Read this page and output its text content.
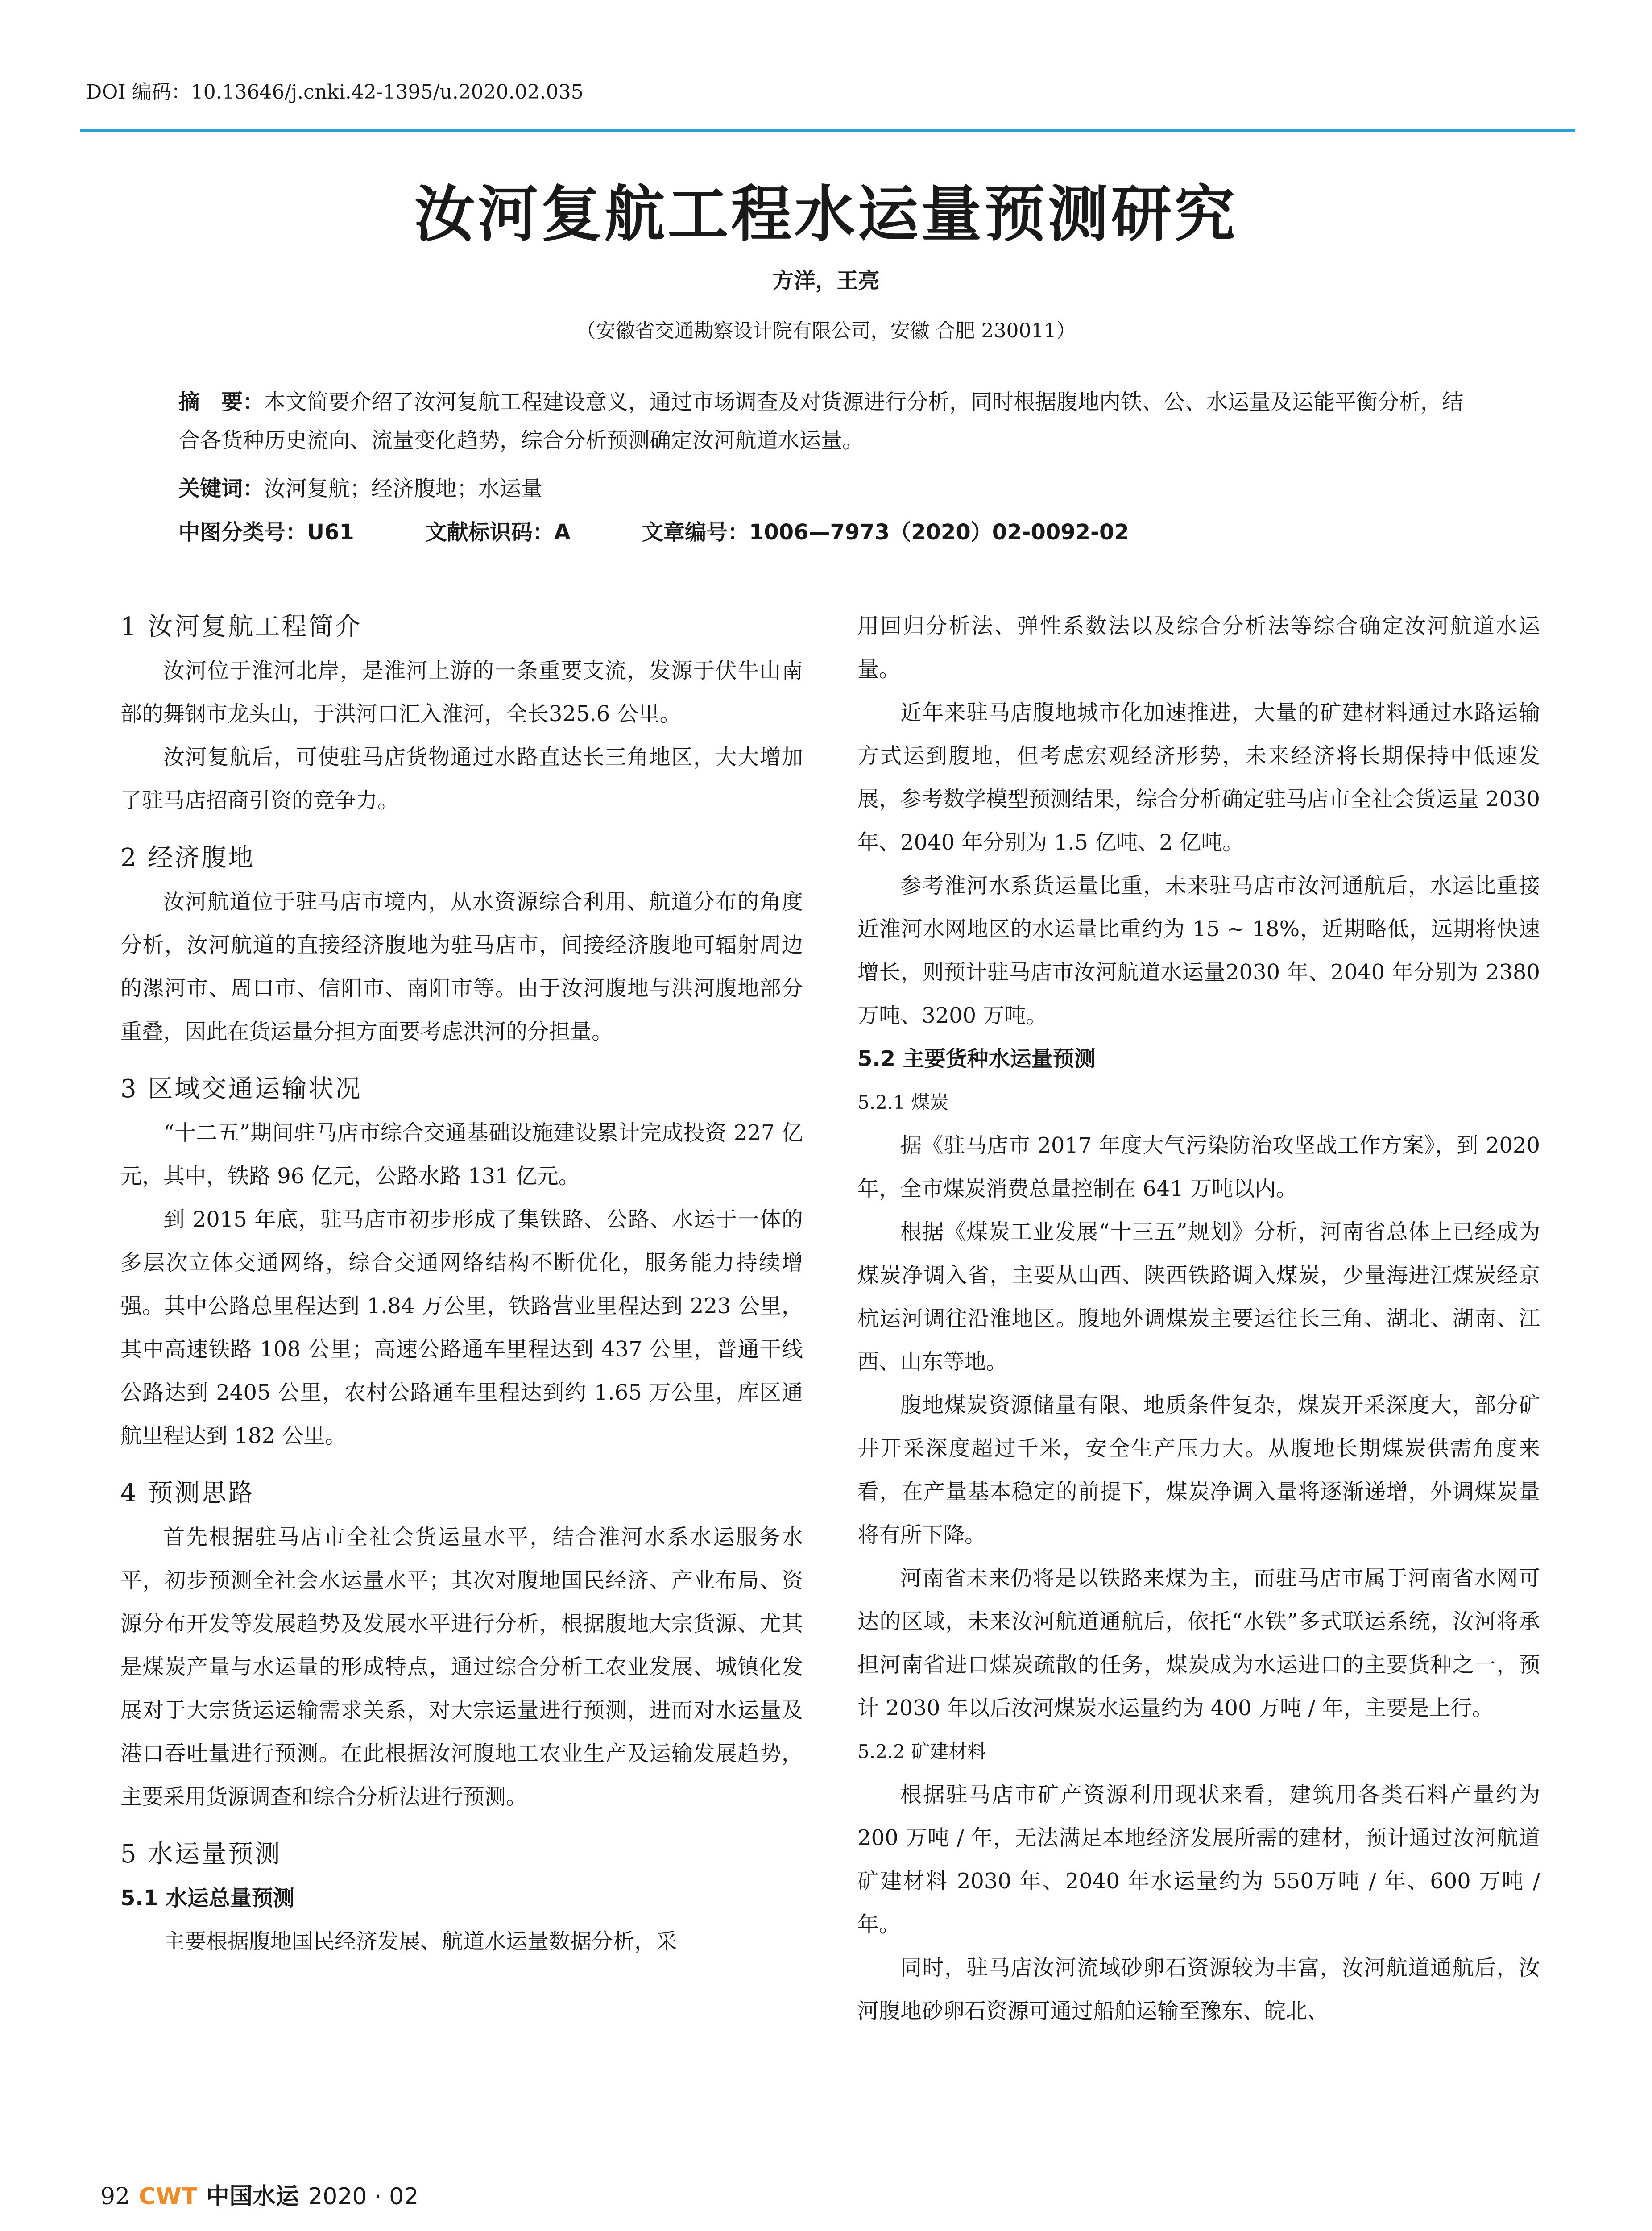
DOI 编码：10.13646/j.cnki.42-1395/u.2020.02.035
汝河复航工程水运量预测研究
方洋，王亮
（安徽省交通勘察设计院有限公司，安徽 合肥 230011）
摘　要：本文简要介绍了汝河复航工程建设意义，通过市场调查及对货源进行分析，同时根据腹地内铁、公、水运量及运能平衡分析，结合各货种历史流向、流量变化趋势，综合分析预测确定汝河航道水运量。
关键词：汝河复航；经济腹地；水运量
中图分类号：U61	文献标识码：A	文章编号：1006—7973（2020）02-0092-02
1 汝河复航工程简介

汝河位于淮河北岸，是淮河上游的一条重要支流，发源于伏牛山南部的舞钢市龙头山，于洪河口汇入淮河，全长325.6 公里。

汝河复航后，可使驻马店货物通过水路直达长三角地区，大大增加了驻马店招商引资的竞争力。

2 经济腹地

汝河航道位于驻马店市境内，从水资源综合利用、航道分布的角度分析，汝河航道的直接经济腹地为驻马店市，间接经济腹地可辐射周边的漯河市、周口市、信阳市、南阳市等。由于汝河腹地与洪河腹地部分重叠，因此在货运量分担方面要考虑洪河的分担量。

3 区域交通运输状况

“十二五”期间驻马店市综合交通基础设施建设累计完成投资 227 亿元，其中，铁路 96 亿元，公路水路 131 亿元。

到 2015 年底，驻马店市初步形成了集铁路、公路、水运于一体的多层次立体交通网络，综合交通网络结构不断优化，服务能力持续增强。其中公路总里程达到 1.84 万公里，铁路营业里程达到 223 公里，其中高速铁路 108 公里；高速公路通车里程达到 437 公里，普通干线公路达到 2405 公里，农村公路通车里程达到约 1.65 万公里，库区通航里程达到 182 公里。

4 预测思路

首先根据驻马店市全社会货运量水平，结合淮河水系水运服务水平，初步预测全社会水运量水平；其次对腹地国民经济、产业布局、资源分布开发等发展趋势及发展水平进行分析，根据腹地大宗货源、尤其是煤炭产量与水运量的形成特点，通过综合分析工农业发展、城镇化发展对于大宗货运运输需求关系，对大宗运量进行预测，进而对水运量及港口吞吐量进行预测。在此根据汝河腹地工农业生产及运输发展趋势，主要采用货源调查和综合分析法进行预测。

5 水运量预测
5.1 水运总量预测

主要根据腹地国民经济发展、航道水运量数据分析，采

用回归分析法、弹性系数法以及综合分析法等综合确定汝河航道水运量。

近年来驻马店腹地城市化加速推进，大量的矿建材料通过水路运输方式运到腹地，但考虑宏观经济形势，未来经济将长期保持中低速发展，参考数学模型预测结果，综合分析确定驻马店市全社会货运量 2030 年、2040 年分别为 1.5 亿吨、2 亿吨。

参考淮河水系货运量比重，未来驻马店市汝河通航后，水运比重接近淮河水网地区的水运量比重约为 15 ~ 18%，近期略低，远期将快速增长，则预计驻马店市汝河航道水运量2030 年、2040 年分别为 2380 万吨、3200 万吨。

5.2 主要货种水运量预测
5.2.1 煤炭

据《驻马店市 2017 年度大气污染防治攻坚战工作方案》，到 2020 年，全市煤炭消费总量控制在 641 万吨以内。

根据《煤炭工业发展“十三五”规划》分析，河南省总体上已经成为煤炭净调入省，主要从山西、陕西铁路调入煤炭，少量海进江煤炭经京杭运河调往沿淮地区。腹地外调煤炭主要运往长三角、湖北、湖南、江西、山东等地。

腹地煤炭资源储量有限、地质条件复杂，煤炭开采深度大，部分矿井开采深度超过千米，安全生产压力大。从腹地长期煤炭供需角度来看，在产量基本稳定的前提下，煤炭净调入量将逐渐递增，外调煤炭量将有所下降。

河南省未来仍将是以铁路来煤为主，而驻马店市属于河南省水网可达的区域，未来汝河航道通航后，依托“水铁”多式联运系统，汝河将承担河南省进口煤炭疏散的任务，煤炭成为水运进口的主要货种之一，预计 2030 年以后汝河煤炭水运量约为 400 万吨 / 年，主要是上行。

5.2.2 矿建材料

根据驻马店市矿产资源利用现状来看，建筑用各类石料产量约为 200 万吨 / 年，无法满足本地经济发展所需的建材，预计通过汝河航道矿建材料 2030 年、2040 年水运量约为 550万吨 / 年、600 万吨 / 年。

同时，驻马店汝河流域砂卵石资源较为丰富，汝河航道通航后，汝河腹地砂卵石资源可通过船舶运输至豫东、皖北、

92 CWT 中国水运 2020 · 02
